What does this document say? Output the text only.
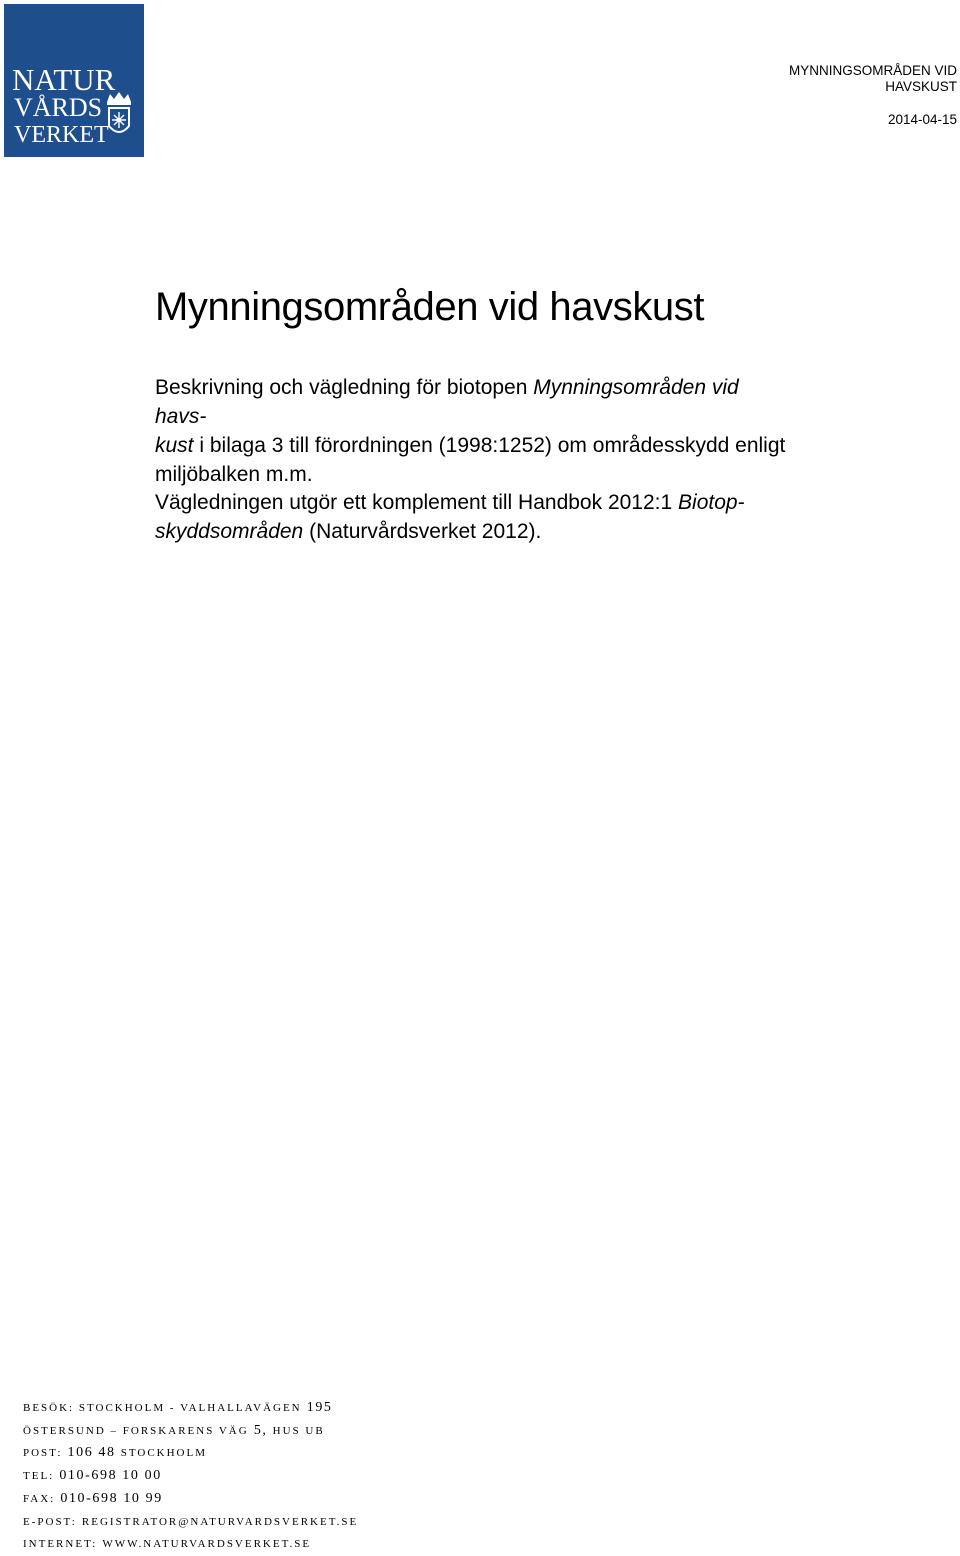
NATUR
VÅRDS
VERKET

MYNNINGSOMRÅDEN VID
HAVSKUST

2014-04-15

Mynningsområden vid havskust

Beskrivning och vägledning för biotopen Mynningsområden vid havs-
kust i bilaga 3 till förordningen (1998:1252) om områdesskydd enligt miljöbalken m.m.

Vägledningen utgör ett komplement till Handbok 2012:1 Biotop-
skyddsområden (Naturvårdsverket 2012).

BESÖK: STOCKHOLM - VALHALLAVÄGEN 195

ÖSTERSUND – FORSKARENS VÄG 5, HUS UB

POST: 106 48 STOCKHOLM

TEL: 010-698 10 00

FAX: 010-698 10 99

E-POST: REGISTRATOR@NATURVARDSVERKET.SE

INTERNET: WWW.NATURVARDSVERKET.SE
